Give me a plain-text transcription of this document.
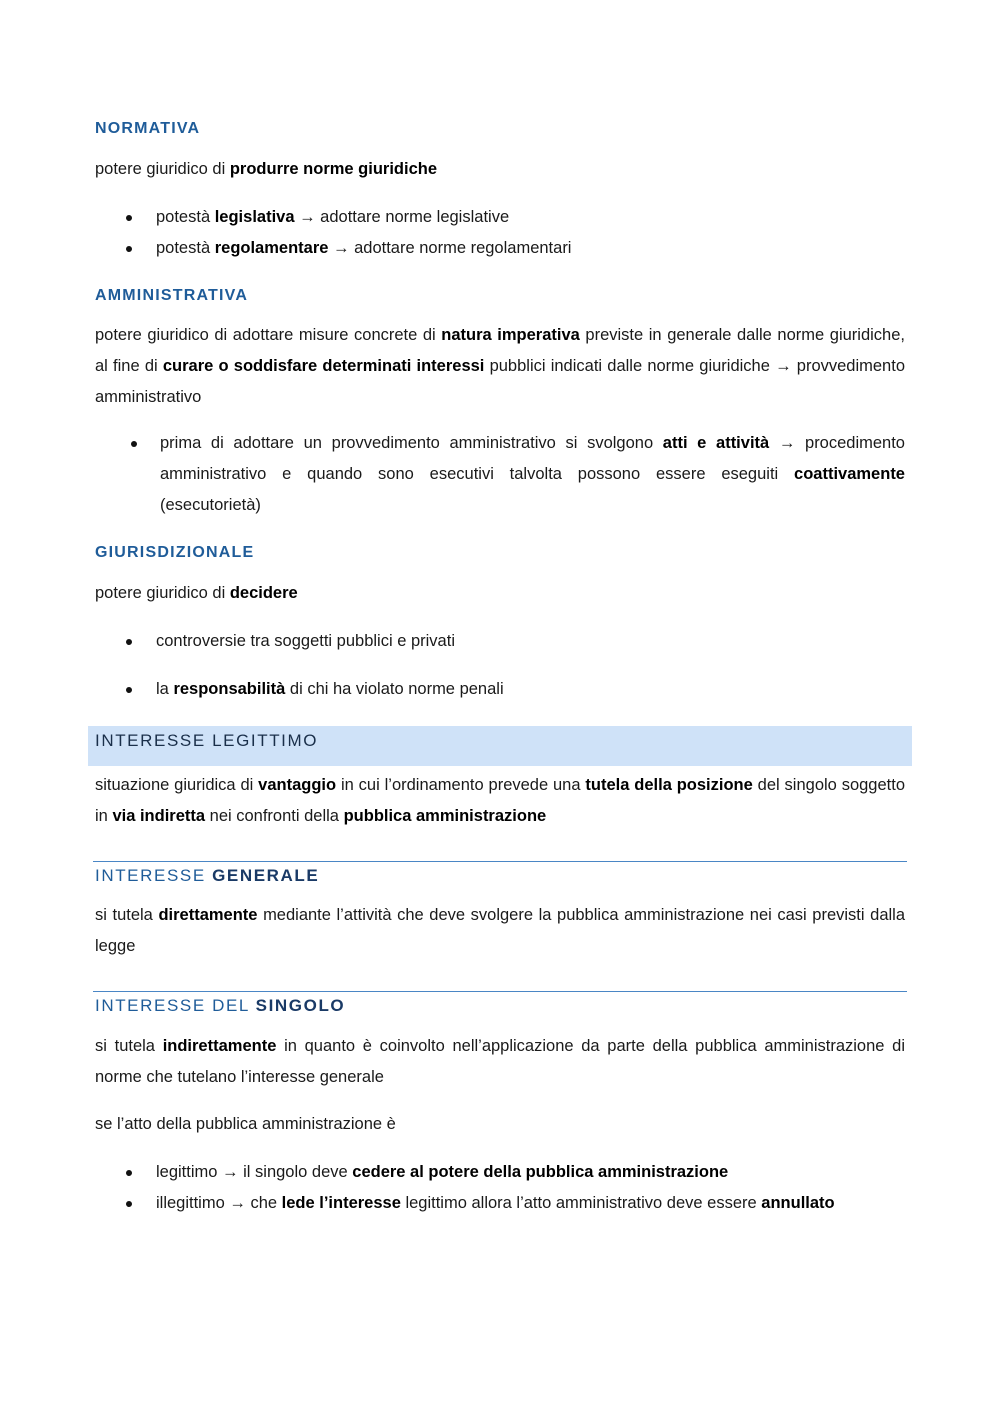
NORMATIVA
potere giuridico di produrre norme giuridiche
potestà legislativa → adottare norme legislative
potestà regolamentare → adottare norme regolamentari
AMMINISTRATIVA
potere giuridico di adottare misure concrete di natura imperativa previste in generale dalle norme giuridiche, al fine di curare o soddisfare determinati interessi pubblici indicati dalle norme giuridiche → provvedimento amministrativo
prima di adottare un provvedimento amministrativo si svolgono atti e attività → procedimento amministrativo e quando sono esecutivi talvolta possono essere eseguiti coattivamente (esecutorietà)
GIURISDIZIONALE
potere giuridico di decidere
controversie tra soggetti pubblici e privati
la responsabilità di chi ha violato norme penali
INTERESSE LEGITTIMO
situazione giuridica di vantaggio in cui l’ordinamento prevede una tutela della posizione del singolo soggetto in via indiretta nei confronti della pubblica amministrazione
INTERESSE GENERALE
si tutela direttamente mediante l’attività che deve svolgere la pubblica amministrazione nei casi previsti dalla legge
INTERESSE DEL SINGOLO
si tutela indirettamente in quanto è coinvolto nell’applicazione da parte della pubblica amministrazione di norme che tutelano l’interesse generale
se l’atto della pubblica amministrazione è
legittimo → il singolo deve cedere al potere della pubblica amministrazione
illegittimo → che lede l’interesse legittimo allora l’atto amministrativo deve essere annullato
